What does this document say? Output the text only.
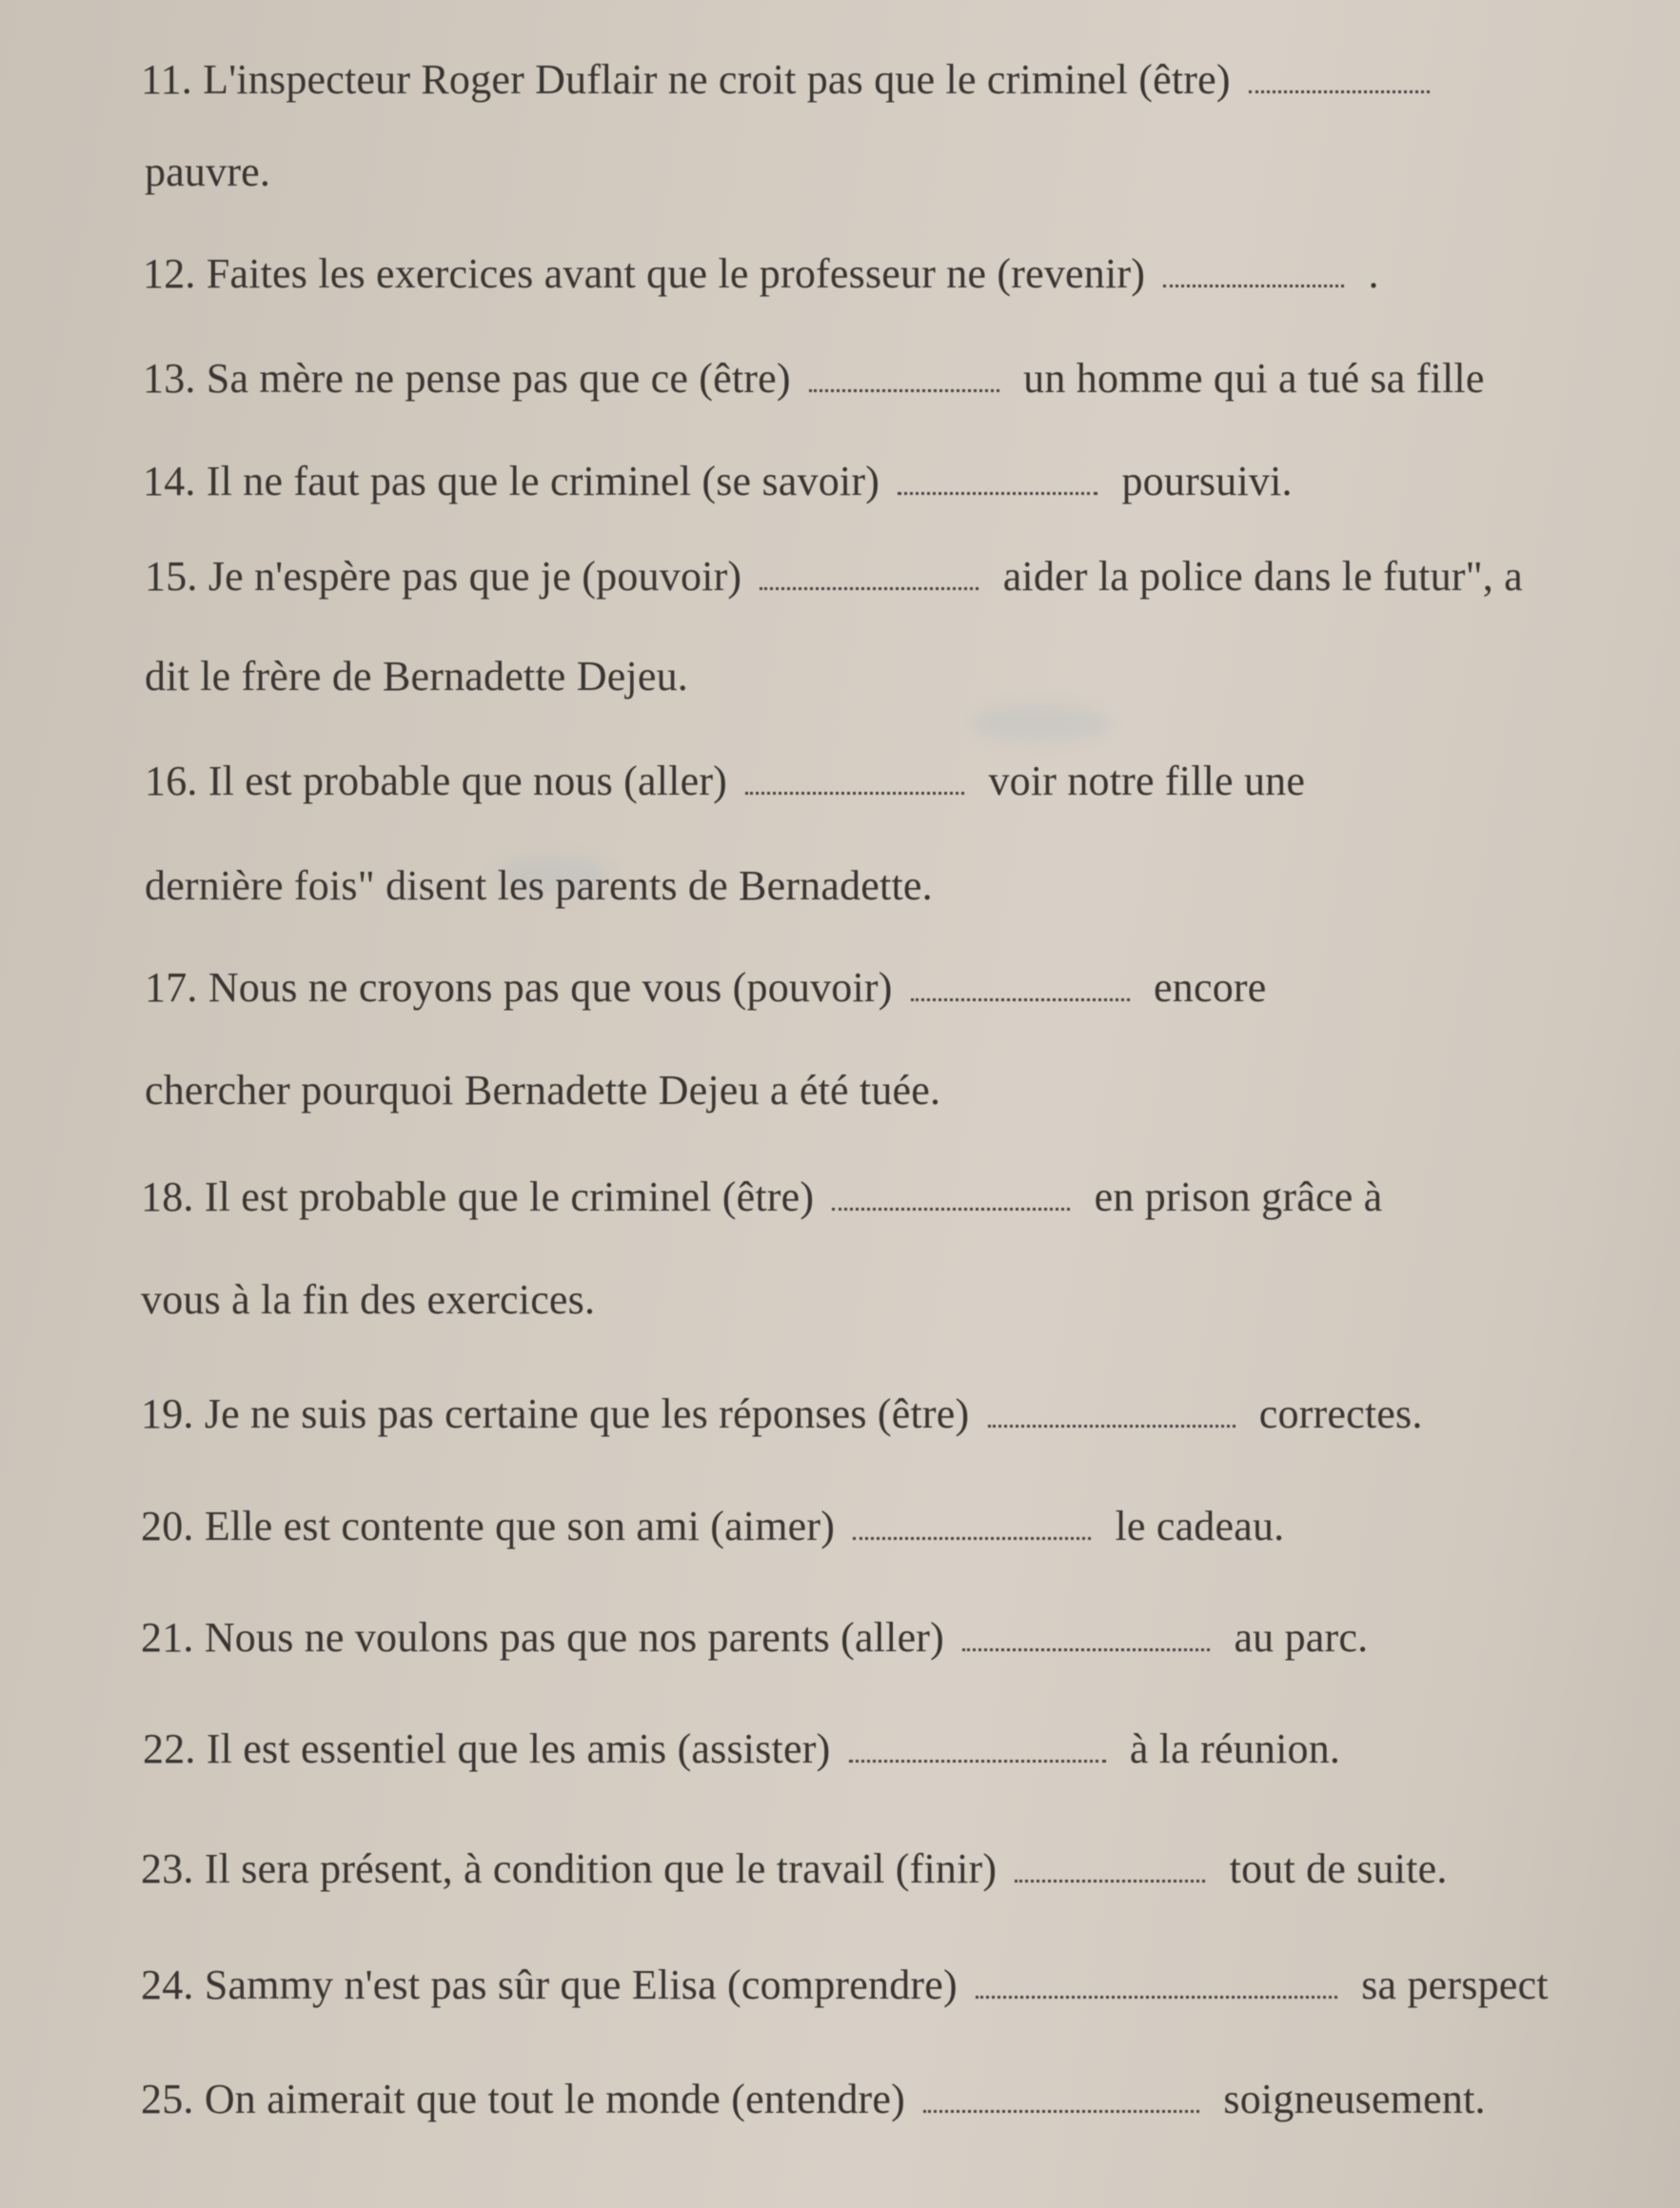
11. L'inspecteur Roger Duflair ne croit pas que le criminel (être)
pauvre.
12. Faites les exercices avant que le professeur ne (revenir)	.
13. Sa mère ne pense pas que ce (être)	un homme qui a tué sa fille
14. Il ne faut pas que le criminel (se savoir)	poursuivi.
15. Je n'espère pas que je (pouvoir)	aider la police dans le futur", a
dit le frère de Bernadette Dejeu.
16. Il est probable que nous (aller)	voir notre fille une
dernière fois" disent les parents de Bernadette.
17. Nous ne croyons pas que vous (pouvoir)	encore
chercher pourquoi Bernadette Dejeu a été tuée.
18. Il est probable que le criminel (être)	en prison grâce à
vous à la fin des exercices.
19. Je ne suis pas certaine que les réponses (être)	correctes.
20. Elle est contente que son ami (aimer)	le cadeau.
21. Nous ne voulons pas que nos parents (aller)	au parc.
22. Il est essentiel que les amis (assister)	à la réunion.
23. Il sera présent, à condition que le travail (finir)	tout de suite.
24. Sammy n'est pas sûr que Elisa (comprendre)	sa perspect
25. On aimerait que tout le monde (entendre)	soigneusement.
